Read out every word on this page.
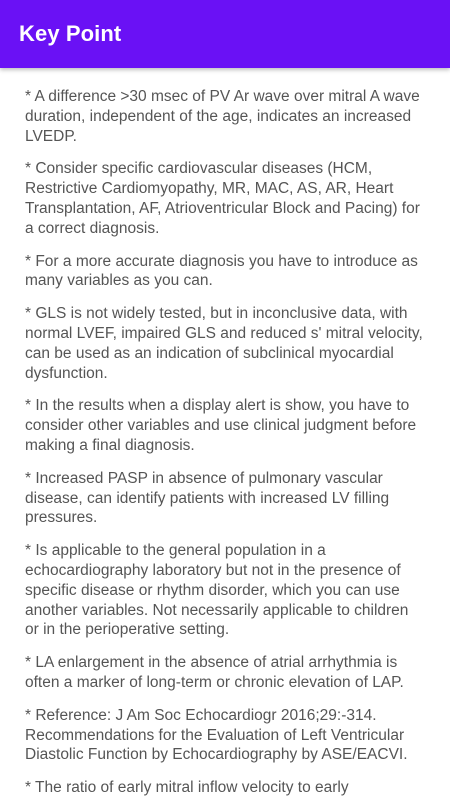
Key Point

* A difference >30 msec of PV Ar wave over mitral A wave duration, independent of the age, indicates an increased LVEDP.

* Consider specific cardiovascular diseases (HCM, Restrictive Cardiomyopathy, MR, MAC, AS, AR, Heart Transplantation, AF, Atrioventricular Block and Pacing) for a correct diagnosis.

* For a more accurate diagnosis you have to introduce as many variables as you can.

* GLS is not widely tested, but in inconclusive data, with normal LVEF, impaired GLS and reduced s' mitral velocity, can be used as an indication of subclinical myocardial dysfunction.

* In the results when a display alert is show, you have to consider other variables and use clinical judgment before making a final diagnosis.

* Increased PASP in absence of pulmonary vascular disease, can identify patients with increased LV filling pressures.

* Is applicable to the general population in a echocardiography laboratory but not in the presence of specific disease or rhythm disorder, which you can use another variables. Not necessarily applicable to children or in the perioperative setting.

* LA enlargement in the absence of atrial arrhythmia is often a marker of long-term or chronic elevation of LAP.

* Reference: J Am Soc Echocardiogr 2016;29:-314. Recommendations for the Evaluation of Left Ventricular Diastolic Function by Echocardiography by ASE/EACVI.

* The ratio of early mitral inflow velocity to early
